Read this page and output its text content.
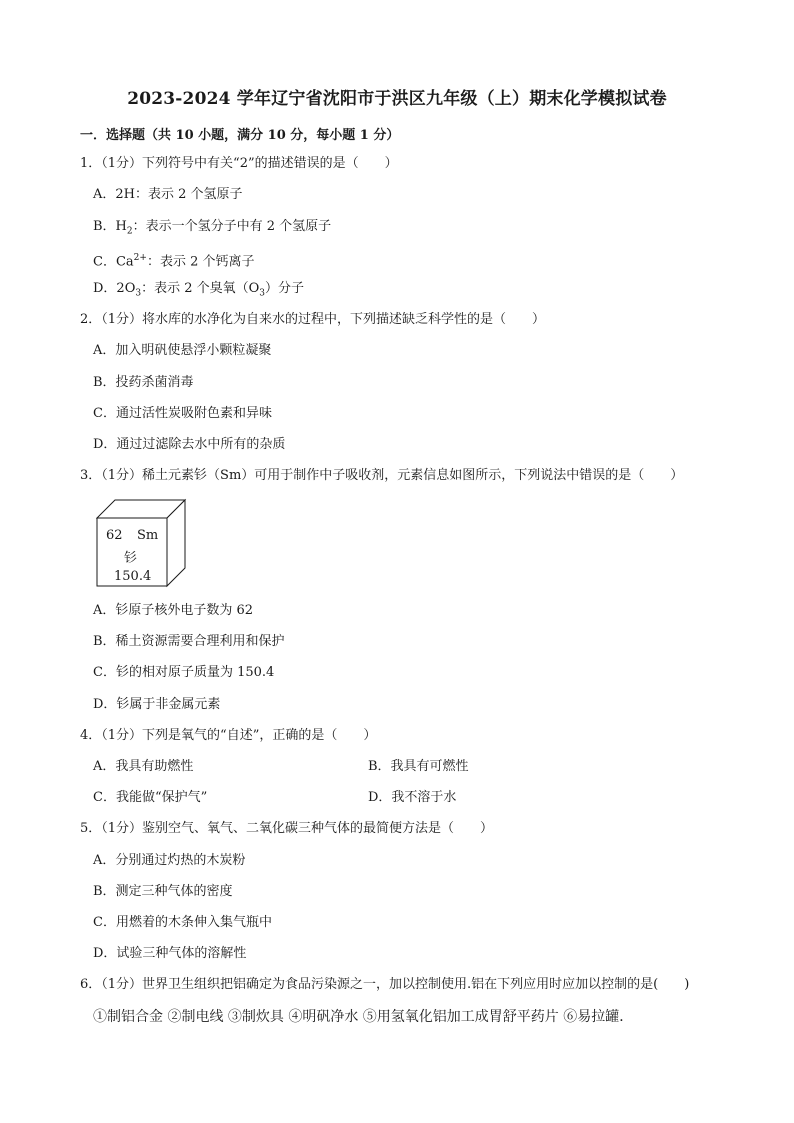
2023-2024 学年辽宁省沈阳市于洪区九年级（上）期末化学模拟试卷
一．选择题（共 10 小题，满分 10 分，每小题 1 分）
1．（1分）下列符号中有关“2”的描述错误的是（　　）
A．2H：表示 2 个氢原子
B．$H_2$：表示一个氢分子中有 2 个氢原子
C．$Ca^{2+}$：表示 2 个钙离子
D．$2O_3$：表示 2 个臭氧$(O_3)$分子
2．（1分）将水库的水净化为自来水的过程中，下列描述缺乏科学性的是（　　）
A．加入明矾使悬浮小颗粒凝聚
B．投药杀菌消毒
C．通过活性炭吸附色素和异味
D．通过过滤除去水中所有的杂质
3．（1分）稀土元素钐（Sm）可用于制作中子吸收剂，元素信息如图所示，下列说法中错误的是（　　）
62 Sm
钐
150.4
A．钐原子核外电子数为 62
B．稀土资源需要合理利用和保护
C．钐的相对原子质量为 150.4
D．钐属于非金属元素
4．（1分）下列是氧气的“自述”，正确的是（　　）
A．我具有助燃性	B．我具有可燃性
C．我能做“保护气”	D．我不溶于水
5．（1分）鉴别空气、氧气、二氧化碳三种气体的最简便方法是（　　）
A．分别通过灼热的木炭粉
B．测定三种气体的密度
C．用燃着的木条伸入集气瓶中
D．试验三种气体的溶解性
6．（1分）世界卫生组织把铝确定为食品污染源之一，加以控制使用.铝在下列应用时应加以控制的是(　　)
①制铝合金 ②制电线 ③制炊具 ④明矾净水 ⑤用氢氧化铝加工成胃舒平药片 ⑥易拉罐．
